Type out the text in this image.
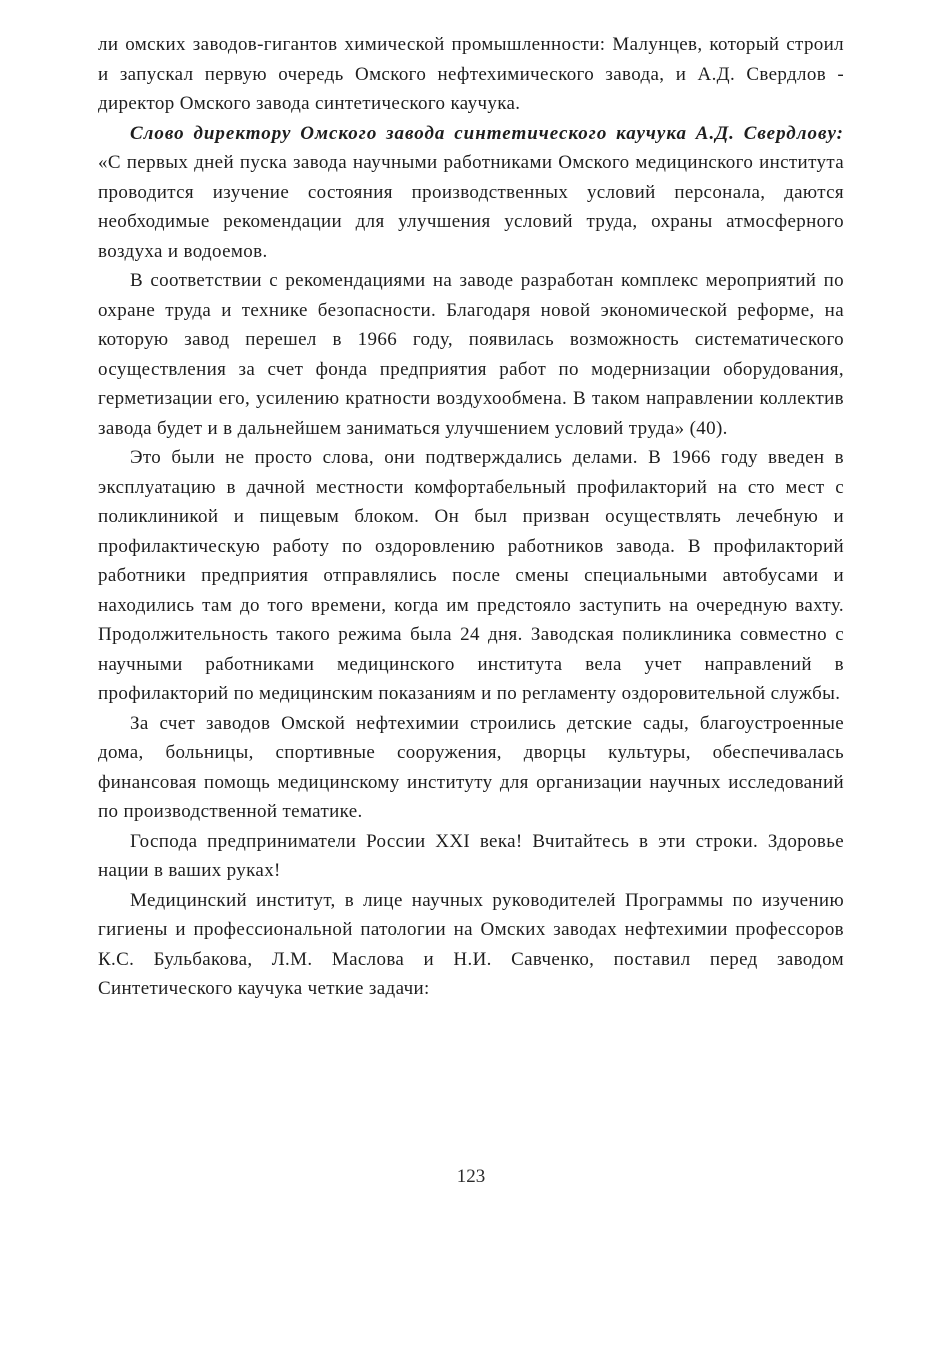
ли омских заводов-гигантов химической промышленности: Малунцев, который строил и запускал первую очередь Омского нефтехимического завода, и А.Д. Свердлов - директор Омского завода синтетического каучука.

Слово директору Омского завода синтетического каучука А.Д. Свердлову: «С первых дней пуска завода научными работниками Омского медицинского института проводится изучение состояния производственных условий персонала, даются необходимые рекомендации для улучшения условий труда, охраны атмосферного воздуха и водоемов.

В соответствии с рекомендациями на заводе разработан комплекс мероприятий по охране труда и технике безопасности. Благодаря новой экономической реформе, на которую завод перешел в 1966 году, появилась возможность систематического осуществления за счет фонда предприятия работ по модернизации оборудования, герметизации его, усилению кратности воздухообмена. В таком направлении коллектив завода будет и в дальнейшем заниматься улучшением условий труда» (40).

Это были не просто слова, они подтверждались делами. В 1966 году введен в эксплуатацию в дачной местности комфортабельный профилакторий на сто мест с поликлиникой и пищевым блоком. Он был призван осуществлять лечебную и профилактическую работу по оздоровлению работников завода. В профилакторий работники предприятия отправлялись после смены специальными автобусами и находились там до того времени, когда им предстояло заступить на очередную вахту. Продолжительность такого режима была 24 дня. Заводская поликлиника совместно с научными работниками медицинского института вела учет направлений в профилакторий по медицинским показаниям и по регламенту оздоровительной службы.

За счет заводов Омской нефтехимии строились детские сады, благоустроенные дома, больницы, спортивные сооружения, дворцы культуры, обеспечивалась финансовая помощь медицинскому институту для организации научных исследований по производственной тематике.

Господа предприниматели России XXI века! Вчитайтесь в эти строки. Здоровье нации в ваших руках!

Медицинский институт, в лице научных руководителей Программы по изучению гигиены и профессиональной патологии на Омских заводах нефтехимии профессоров К.С. Бульбакова, Л.М. Маслова и Н.И. Савченко, поставил перед заводом Синтетического каучука четкие задачи:

123
